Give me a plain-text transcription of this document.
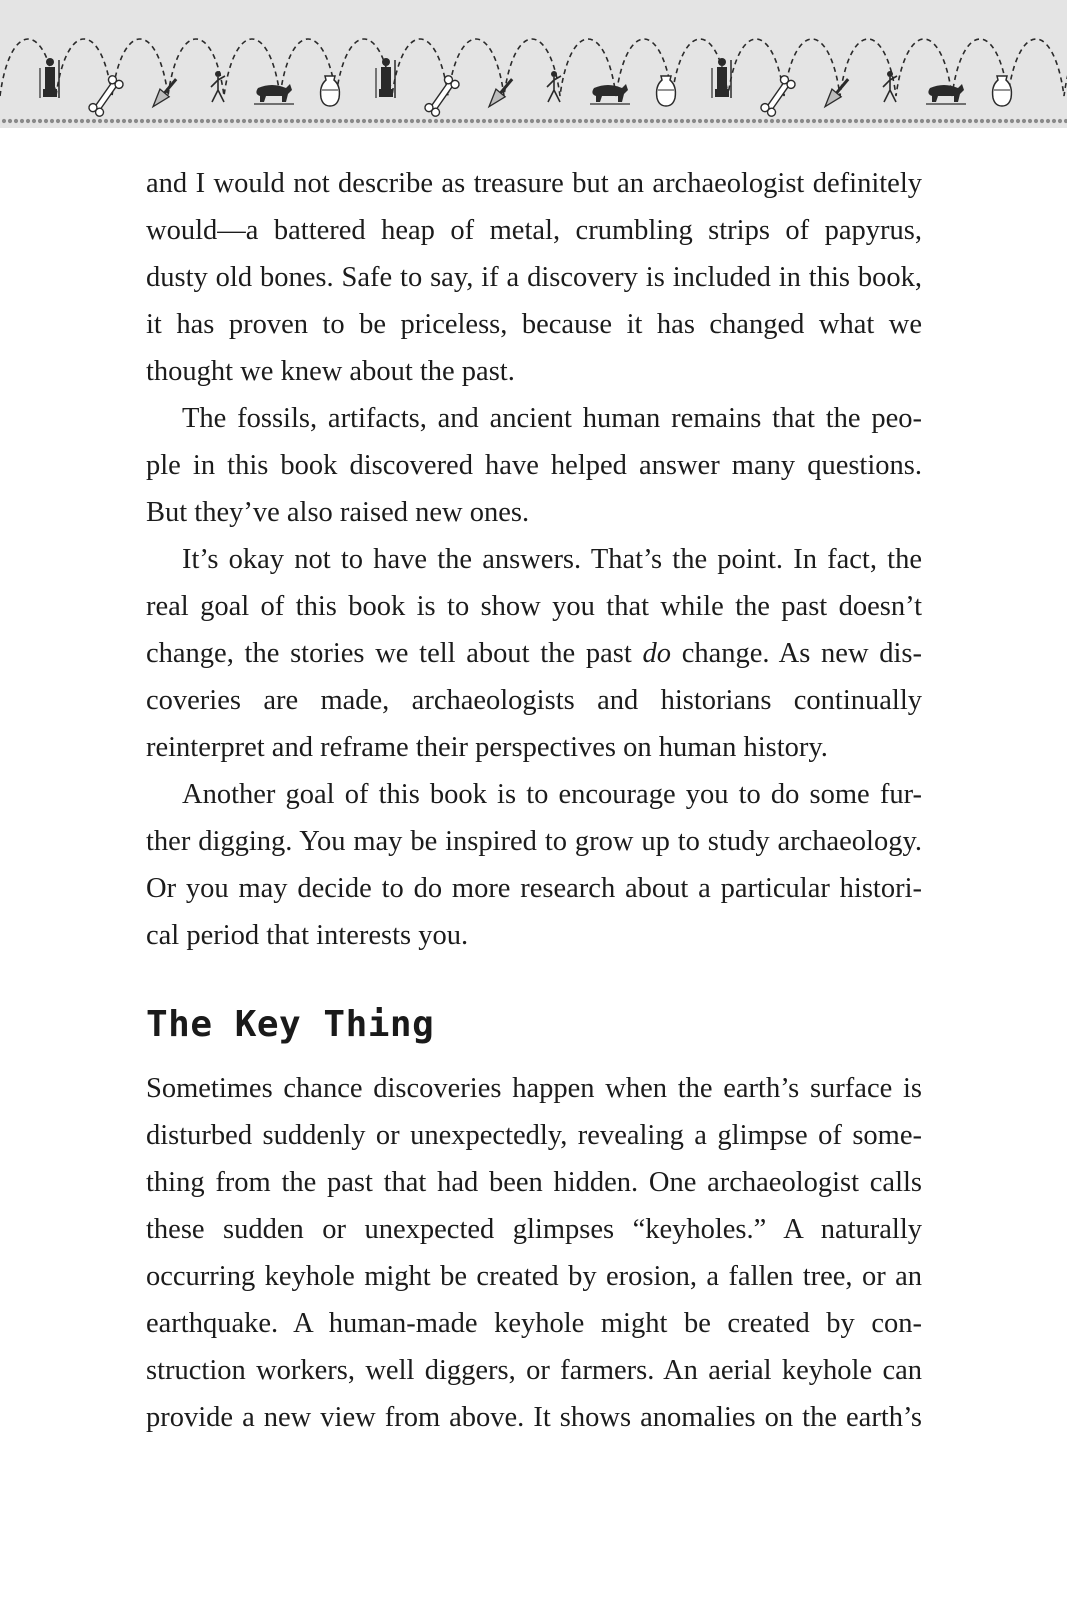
and I would not describe as treasure but an archaeologist definitely
would—a battered heap of metal, crumbling strips of papyrus,
dusty old bones. Safe to say, if a discovery is included in this book,
it has proven to be priceless, because it has changed what we
thought we knew about the past.

The fossils, artifacts, and ancient human remains that the peo-
ple in this book discovered have helped answer many questions.
But they’ve also raised new ones.

It’s okay not to have the answers. That’s the point. In fact, the
real goal of this book is to show you that while the past doesn’t
change, the stories we tell about the past do change. As new dis-
coveries are made, archaeologists and historians continually
reinterpret and reframe their perspectives on human history.

Another goal of this book is to encourage you to do some fur-
ther digging. You may be inspired to grow up to study archaeology.
Or you may decide to do more research about a particular histori-
cal period that interests you.

The Key Thing

Sometimes chance discoveries happen when the earth’s surface is
disturbed suddenly or unexpectedly, revealing a glimpse of some-
thing from the past that had been hidden. One archaeologist calls
these sudden or unexpected glimpses “keyholes.” A naturally
occurring keyhole might be created by erosion, a fallen tree, or an
earthquake. A human-made keyhole might be created by con-
struction workers, well diggers, or farmers. An aerial keyhole can
provide a new view from above. It shows anomalies on the earth’s
